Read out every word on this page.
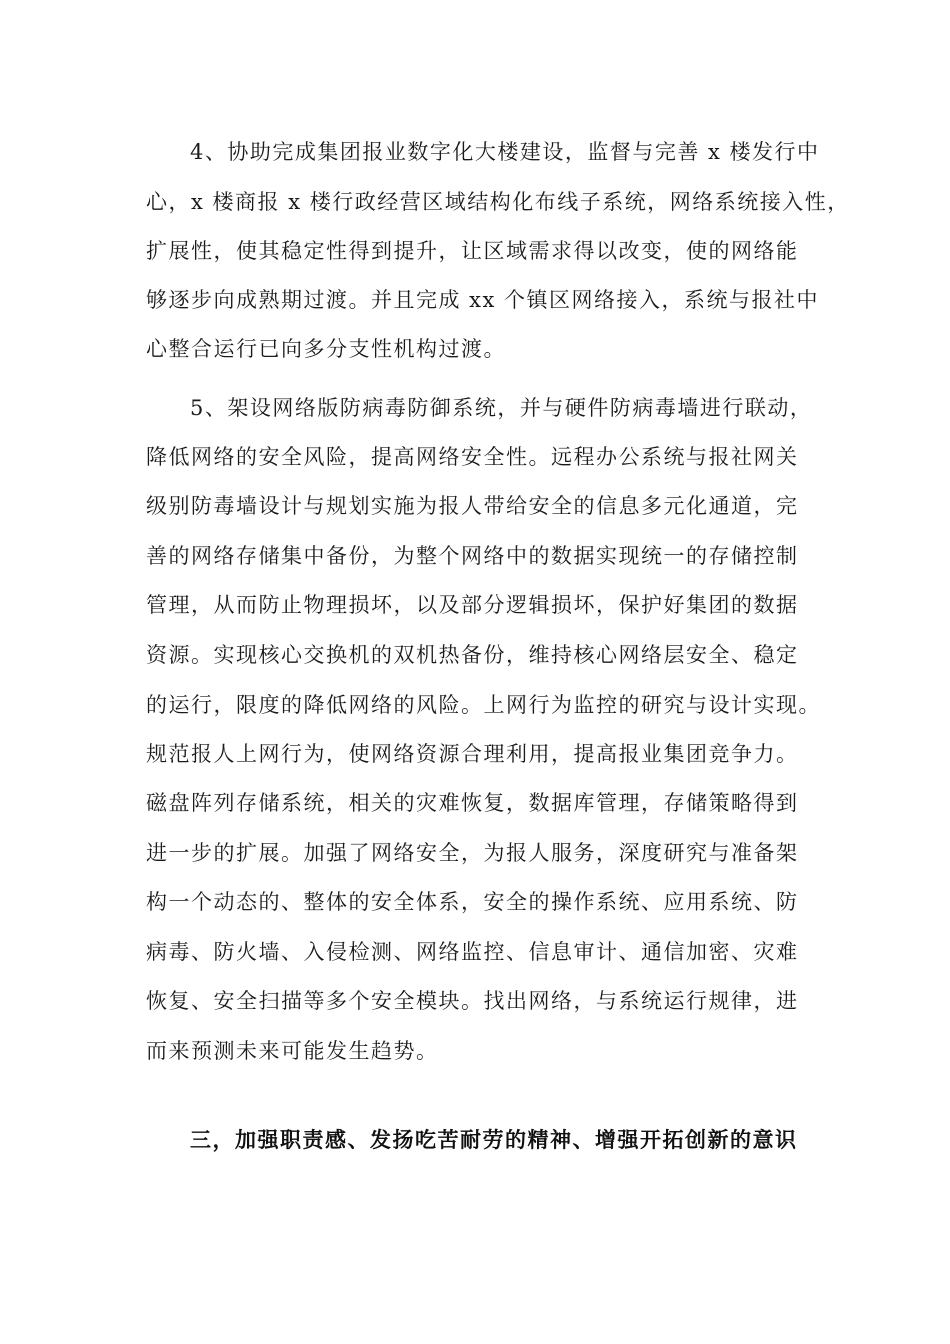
4、协助完成集团报业数字化大楼建设，监督与完善 x 楼发行中

心，x 楼商报 x 楼行政经营区域结构化布线子系统，网络系统接入性，

扩展性，使其稳定性得到提升，让区域需求得以改变，使的网络能

够逐步向成熟期过渡。并且完成 xx 个镇区网络接入，系统与报社中

心整合运行已向多分支性机构过渡。

5、架设网络版防病毒防御系统，并与硬件防病毒墙进行联动，

降低网络的安全风险，提高网络安全性。远程办公系统与报社网关

级别防毒墙设计与规划实施为报人带给安全的信息多元化通道，完

善的网络存储集中备份，为整个网络中的数据实现统一的存储控制

管理，从而防止物理损坏，以及部分逻辑损坏，保护好集团的数据

资源。实现核心交换机的双机热备份，维持核心网络层安全、稳定

的运行，限度的降低网络的风险。上网行为监控的研究与设计实现。

规范报人上网行为，使网络资源合理利用，提高报业集团竞争力。

磁盘阵列存储系统，相关的灾难恢复，数据库管理，存储策略得到

进一步的扩展。加强了网络安全，为报人服务，深度研究与准备架

构一个动态的、整体的安全体系，安全的操作系统、应用系统、防

病毒、防火墙、入侵检测、网络监控、信息审计、通信加密、灾难

恢复、安全扫描等多个安全模块。找出网络，与系统运行规律，进

而来预测未来可能发生趋势。

三，加强职责感、发扬吃苦耐劳的精神、增强开拓创新的意识
